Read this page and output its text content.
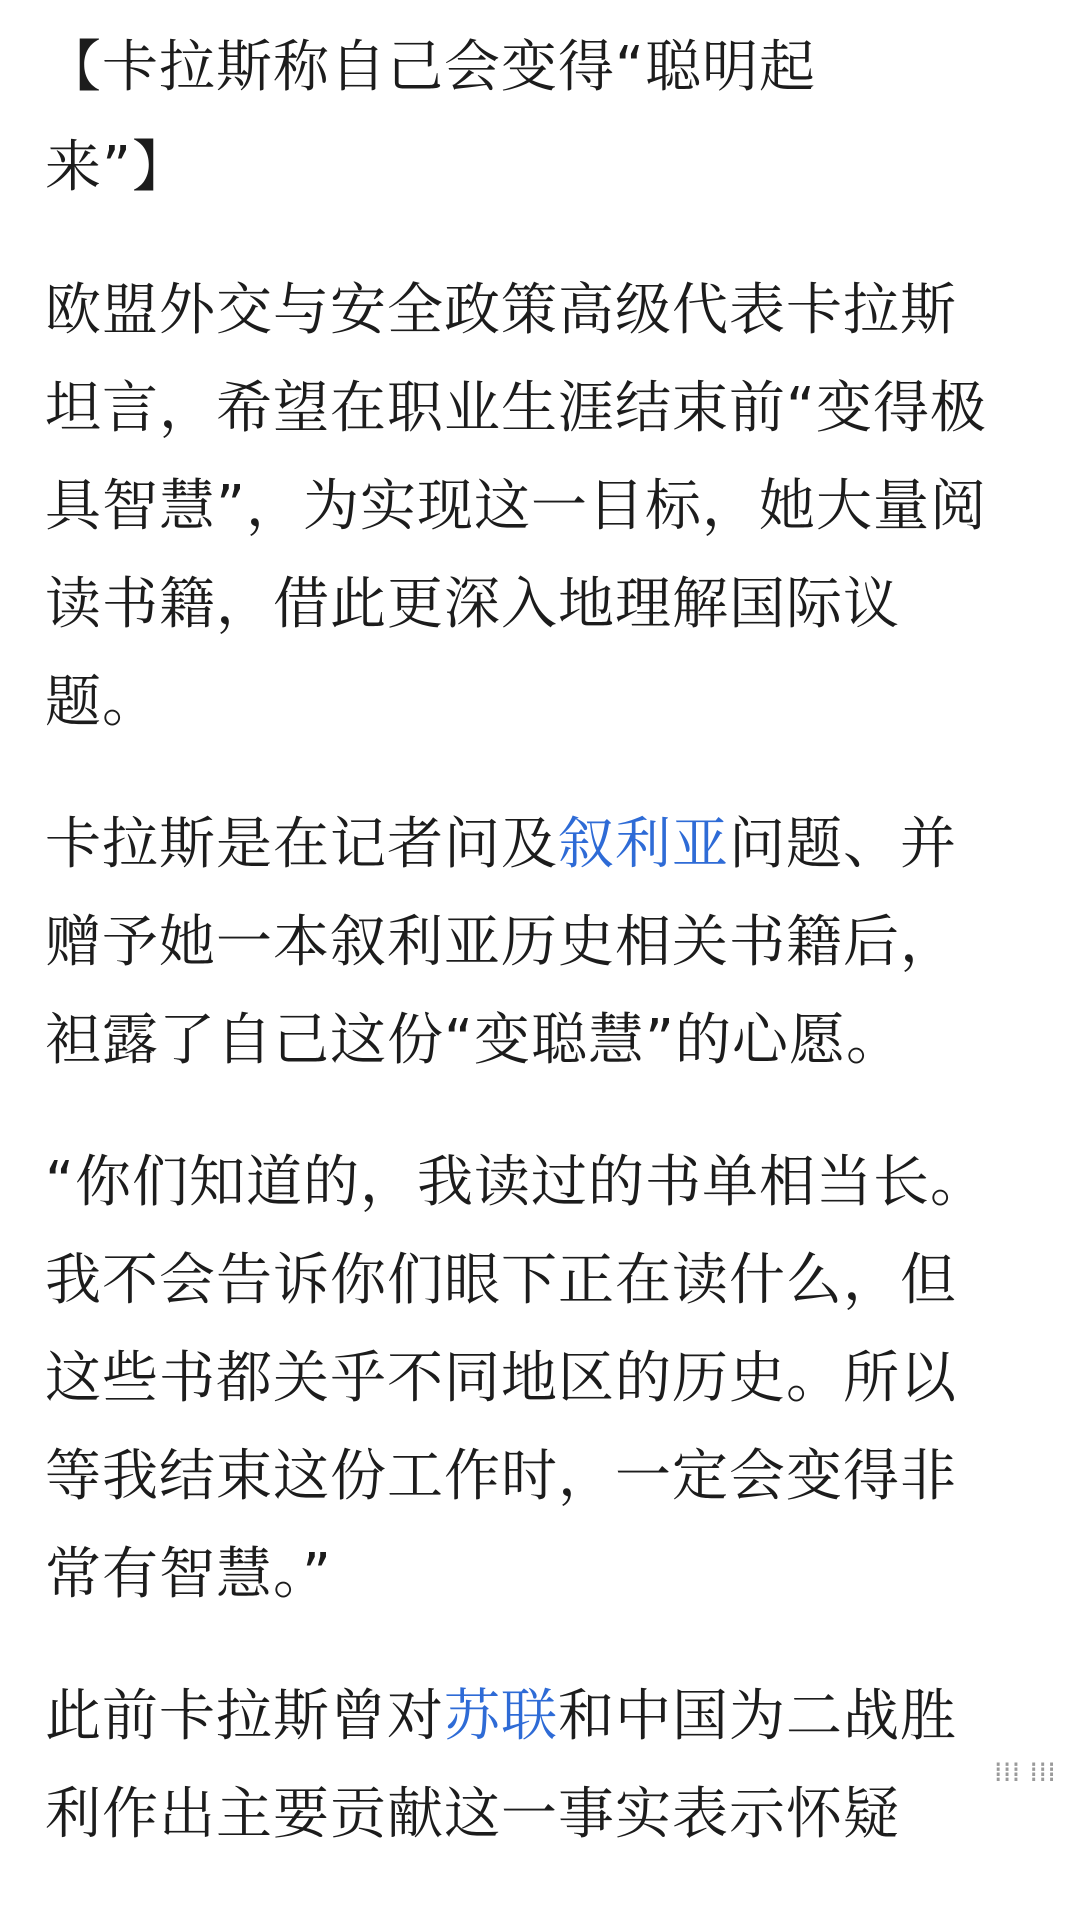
【卡拉斯称自己会变得“聪明起来”】

欧盟外交与安全政策高级代表卡拉斯坦言，希望在职业生涯结束前“变得极具智慧”，为实现这一目标，她大量阅读书籍，借此更深入地理解国际议题。

卡拉斯是在记者问及叙利亚问题、并赠予她一本叙利亚历史相关书籍后，袒露了自己这份“变聪慧”的心愿。

“你们知道的，我读过的书单相当长。我不会告诉你们眼下正在读什么，但这些书都关乎不同地区的历史。所以等我结束这份工作时，一定会变得非常有智慧。”

此前卡拉斯曾对苏联和中国为二战胜利作出主要贡献这一事实表示怀疑

⁞⁞⁞ ⁞⁞⁞
